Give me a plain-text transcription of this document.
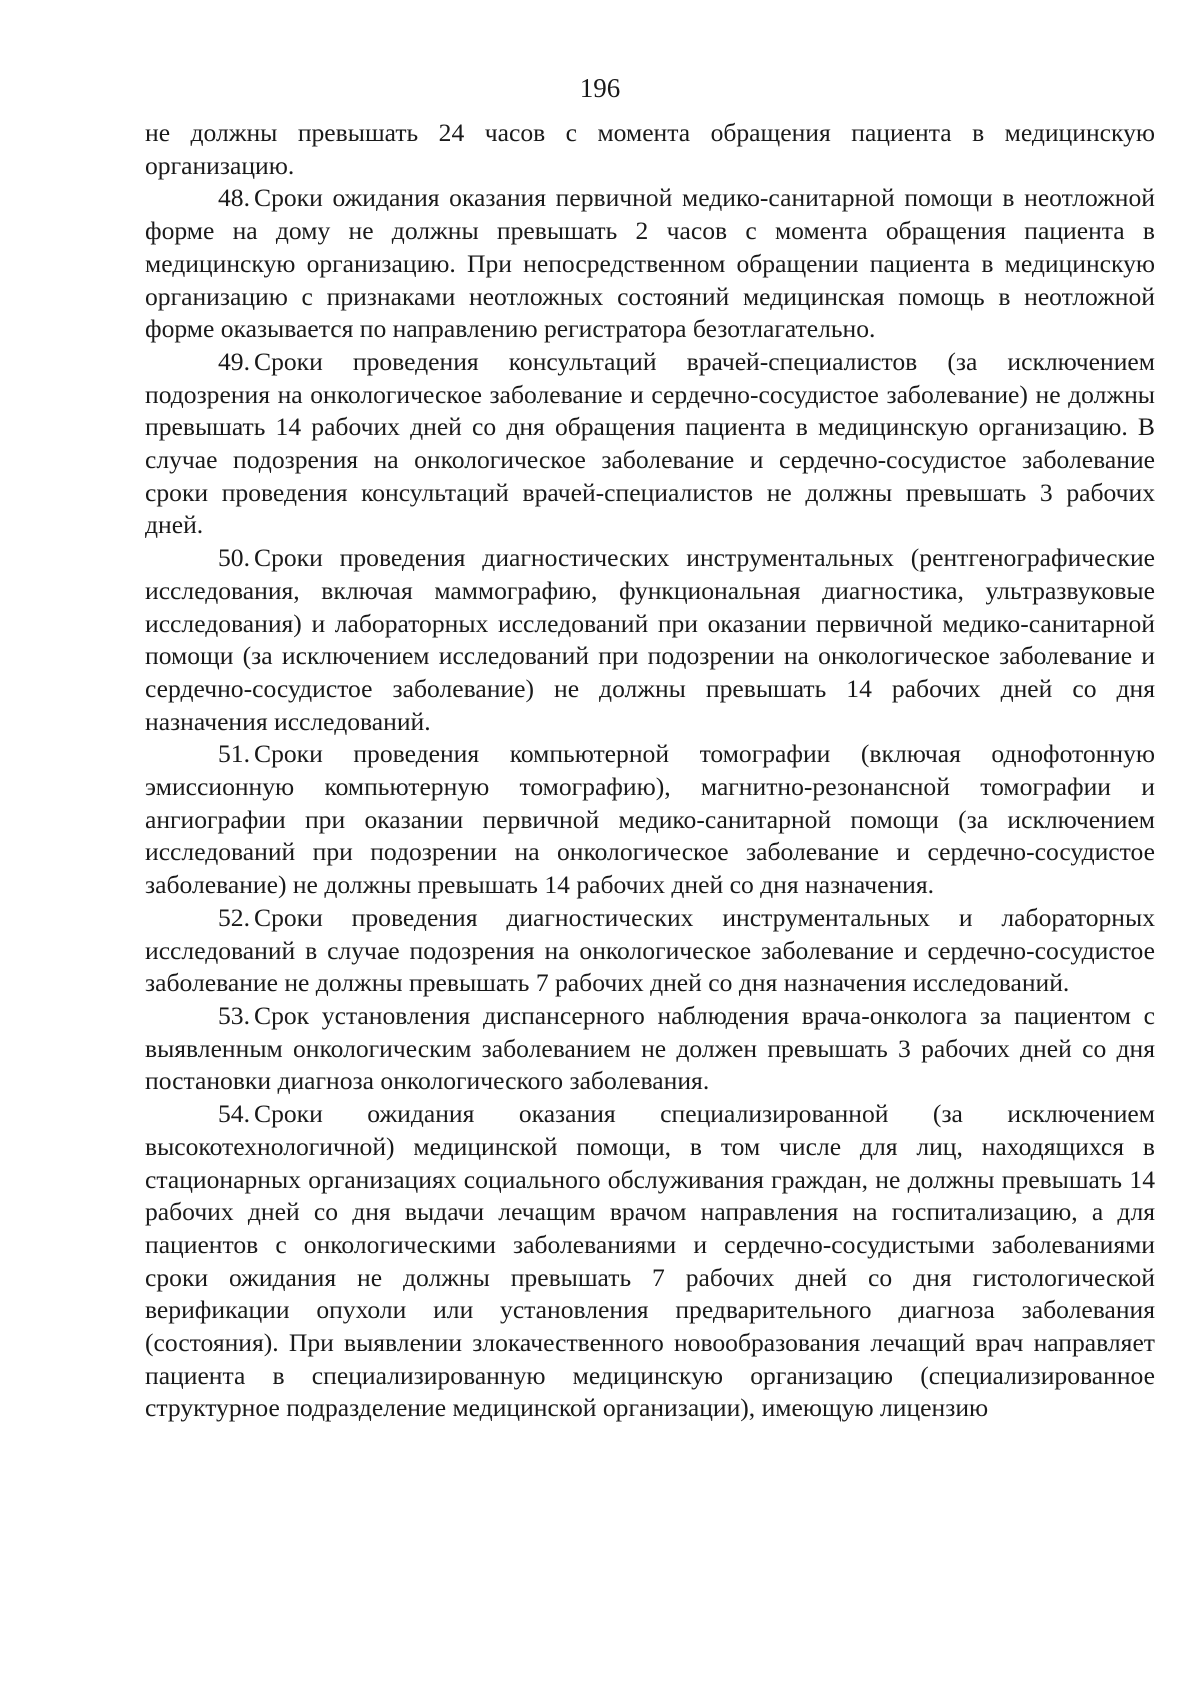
196

не должны превышать 24 часов с момента обращения пациента в медицинскую организацию.

48. Сроки ожидания оказания первичной медико-санитарной помощи в неотложной форме на дому не должны превышать 2 часов с момента обращения пациента в медицинскую организацию. При непосредственном обращении пациента в медицинскую организацию с признаками неотложных состояний медицинская помощь в неотложной форме оказывается по направлению регистратора безотлагательно.

49. Сроки проведения консультаций врачей-специалистов (за исключением подозрения на онкологическое заболевание и сердечно-сосудистое заболевание) не должны превышать 14 рабочих дней со дня обращения пациента в медицинскую организацию. В случае подозрения на онкологическое заболевание и сердечно-сосудистое заболевание сроки проведения консультаций врачей-специалистов не должны превышать 3 рабочих дней.

50. Сроки проведения диагностических инструментальных (рентгенографические исследования, включая маммографию, функциональная диагностика, ультразвуковые исследования) и лабораторных исследований при оказании первичной медико-санитарной помощи (за исключением исследований при подозрении на онкологическое заболевание и сердечно-сосудистое заболевание) не должны превышать 14 рабочих дней со дня назначения исследований.

51. Сроки проведения компьютерной томографии (включая однофотонную эмиссионную компьютерную томографию), магнитно-резонансной томографии и ангиографии при оказании первичной медико-санитарной помощи (за исключением исследований при подозрении на онкологическое заболевание и сердечно-сосудистое заболевание) не должны превышать 14 рабочих дней со дня назначения.

52. Сроки проведения диагностических инструментальных и лабораторных исследований в случае подозрения на онкологическое заболевание и сердечно-сосудистое заболевание не должны превышать 7 рабочих дней со дня назначения исследований.

53. Срок установления диспансерного наблюдения врача-онколога за пациентом с выявленным онкологическим заболеванием не должен превышать 3 рабочих дней со дня постановки диагноза онкологического заболевания.

54. Сроки ожидания оказания специализированной (за исключением высокотехнологичной) медицинской помощи, в том числе для лиц, находящихся в стационарных организациях социального обслуживания граждан, не должны превышать 14 рабочих дней со дня выдачи лечащим врачом направления на госпитализацию, а для пациентов с онкологическими заболеваниями и сердечно-сосудистыми заболеваниями сроки ожидания не должны превышать 7 рабочих дней со дня гистологической верификации опухоли или установления предварительного диагноза заболевания (состояния). При выявлении злокачественного новообразования лечащий врач направляет пациента в специализированную медицинскую организацию (специализированное структурное подразделение медицинской организации), имеющую лицензию
